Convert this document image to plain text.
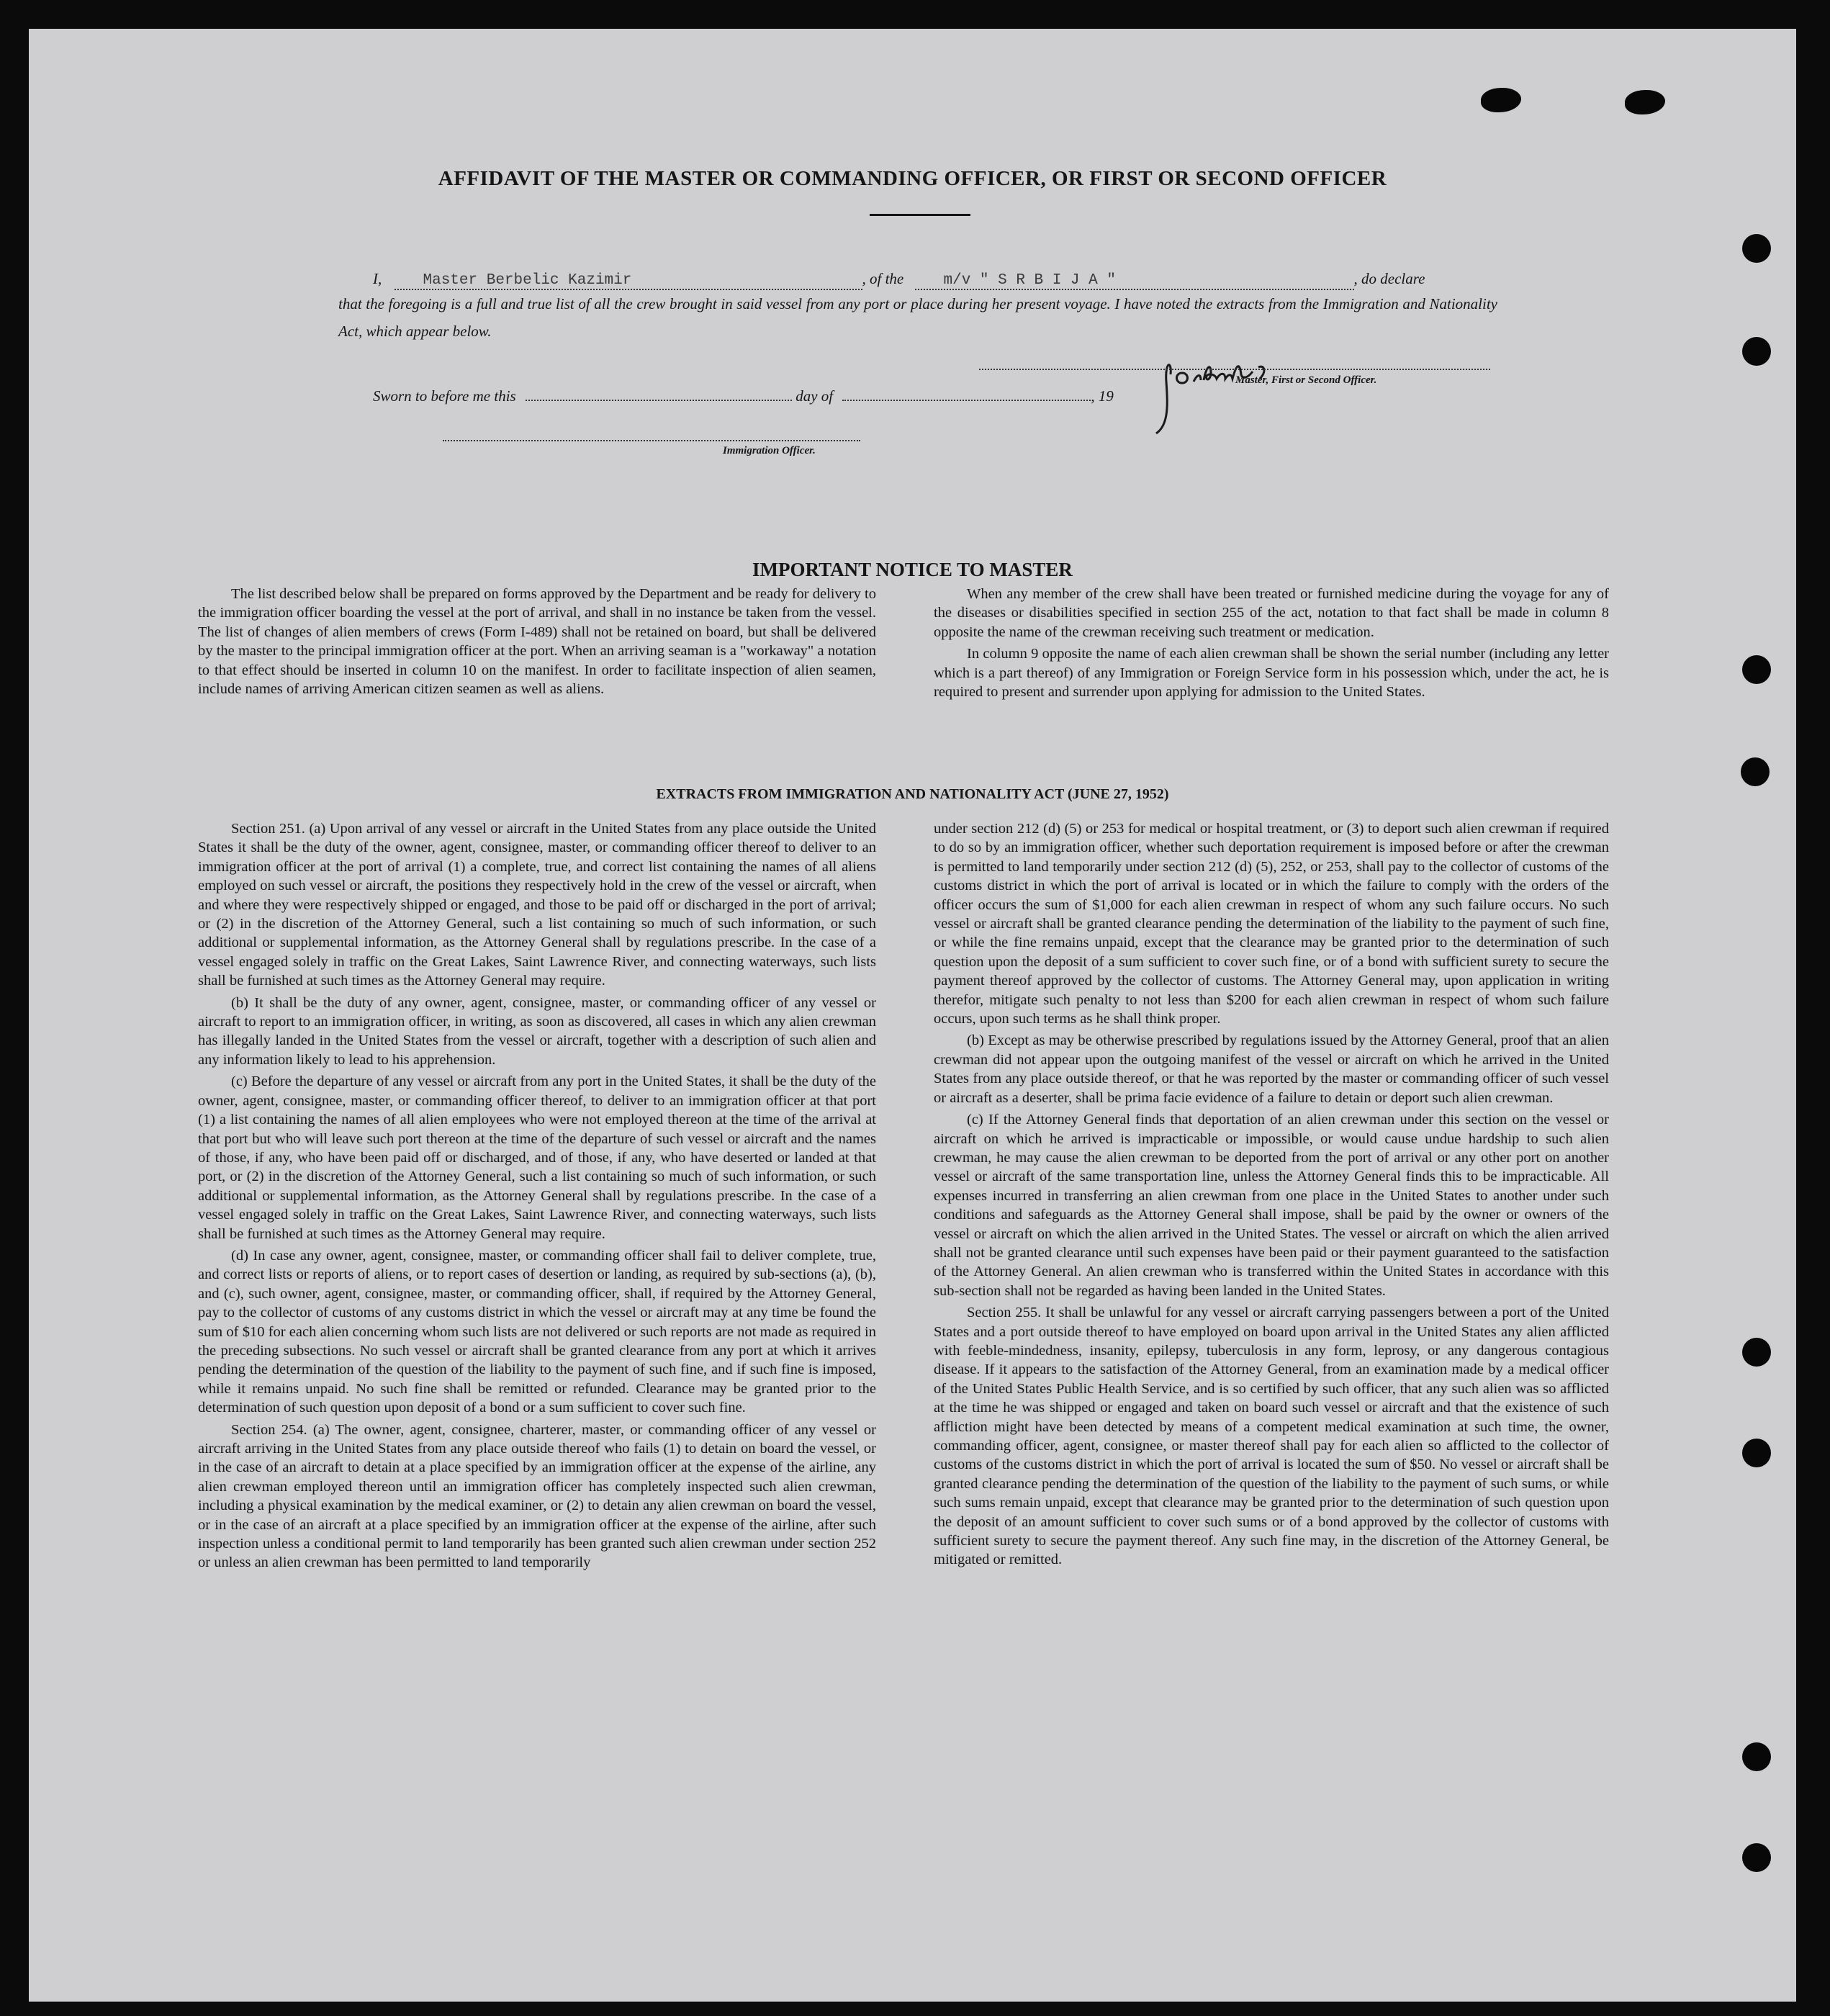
AFFIDAVIT OF THE MASTER OR COMMANDING OFFICER, OR FIRST OR SECOND OFFICER
I,	Master Berbelic Kazimir	, of the	m/v " S R B I J A "	, do declare
that the foregoing is a full and true list of all the crew brought in said vessel from any port or place during her present voyage. I have noted the extracts from the Immigration and Nationality Act, which appear below.
Master, First or Second Officer.
Sworn to before me this	day of	, 19
Immigration Officer.
IMPORTANT NOTICE TO MASTER

The list described below shall be prepared on forms approved by the Department and be ready for delivery to the immigration officer boarding the vessel at the port of arrival, and shall in no instance be taken from the vessel. The list of changes of alien members of crews (Form I-489) shall not be retained on board, but shall be delivered by the master to the principal immigration officer at the port. When an arriving seaman is a "workaway" a notation to that effect should be inserted in column 10 on the manifest. In order to facilitate inspection of alien seamen, include names of arriving American citizen seamen as well as aliens.

When any member of the crew shall have been treated or furnished medicine during the voyage for any of the diseases or disabilities specified in section 255 of the act, notation to that fact shall be made in column 8 opposite the name of the crewman receiving such treatment or medication.

In column 9 opposite the name of each alien crewman shall be shown the serial number (including any letter which is a part thereof) of any Immigration or Foreign Service form in his possession which, under the act, he is required to present and surrender upon applying for admission to the United States.

EXTRACTS FROM IMMIGRATION AND NATIONALITY ACT (JUNE 27, 1952)

Section 251. (a) Upon arrival of any vessel or aircraft in the United States from any place outside the United States it shall be the duty of the owner, agent, consignee, master, or commanding officer thereof to deliver to an immigration officer at the port of arrival (1) a complete, true, and correct list containing the names of all aliens employed on such vessel or aircraft, the positions they respectively hold in the crew of the vessel or aircraft, when and where they were respectively shipped or engaged, and those to be paid off or discharged in the port of arrival; or (2) in the discretion of the Attorney General, such a list containing so much of such information, or such additional or supplemental information, as the Attorney General shall by regulations prescribe. In the case of a vessel engaged solely in traffic on the Great Lakes, Saint Lawrence River, and connecting waterways, such lists shall be furnished at such times as the Attorney General may require.

(b) It shall be the duty of any owner, agent, consignee, master, or commanding officer of any vessel or aircraft to report to an immigration officer, in writing, as soon as discovered, all cases in which any alien crewman has illegally landed in the United States from the vessel or aircraft, together with a description of such alien and any information likely to lead to his apprehension.

(c) Before the departure of any vessel or aircraft from any port in the United States, it shall be the duty of the owner, agent, consignee, master, or commanding officer thereof, to deliver to an immigration officer at that port (1) a list containing the names of all alien employees who were not employed thereon at the time of the arrival at that port but who will leave such port thereon at the time of the departure of such vessel or aircraft and the names of those, if any, who have been paid off or discharged, and of those, if any, who have deserted or landed at that port, or (2) in the discretion of the Attorney General, such a list containing so much of such information, or such additional or supplemental information, as the Attorney General shall by regulations prescribe. In the case of a vessel engaged solely in traffic on the Great Lakes, Saint Lawrence River, and connecting waterways, such lists shall be furnished at such times as the Attorney General may require.

(d) In case any owner, agent, consignee, master, or commanding officer shall fail to deliver complete, true, and correct lists or reports of aliens, or to report cases of desertion or landing, as required by sub-sections (a), (b), and (c), such owner, agent, consignee, master, or commanding officer, shall, if required by the Attorney General, pay to the collector of customs of any customs district in which the vessel or aircraft may at any time be found the sum of $10 for each alien concerning whom such lists are not delivered or such reports are not made as required in the preceding subsections. No such vessel or aircraft shall be granted clearance from any port at which it arrives pending the determination of the question of the liability to the payment of such fine, and if such fine is imposed, while it remains unpaid. No such fine shall be remitted or refunded. Clearance may be granted prior to the determination of such question upon deposit of a bond or a sum sufficient to cover such fine.

Section 254. (a) The owner, agent, consignee, charterer, master, or commanding officer of any vessel or aircraft arriving in the United States from any place outside thereof who fails (1) to detain on board the vessel, or in the case of an aircraft to detain at a place specified by an immigration officer at the expense of the airline, any alien crewman employed thereon until an immigration officer has completely inspected such alien crewman, including a physical examination by the medical examiner, or (2) to detain any alien crewman on board the vessel, or in the case of an aircraft at a place specified by an immigration officer at the expense of the airline, after such inspection unless a conditional permit to land temporarily has been granted such alien crewman under section 252 or unless an alien crewman has been permitted to land temporarily

under section 212 (d) (5) or 253 for medical or hospital treatment, or (3) to deport such alien crewman if required to do so by an immigration officer, whether such deportation requirement is imposed before or after the crewman is permitted to land temporarily under section 212 (d) (5), 252, or 253, shall pay to the collector of customs of the customs district in which the port of arrival is located or in which the failure to comply with the orders of the officer occurs the sum of $1,000 for each alien crewman in respect of whom any such failure occurs. No such vessel or aircraft shall be granted clearance pending the determination of the liability to the payment of such fine, or while the fine remains unpaid, except that the clearance may be granted prior to the determination of such question upon the deposit of a sum sufficient to cover such fine, or of a bond with sufficient surety to secure the payment thereof approved by the collector of customs. The Attorney General may, upon application in writing therefor, mitigate such penalty to not less than $200 for each alien crewman in respect of whom such failure occurs, upon such terms as he shall think proper.

(b) Except as may be otherwise prescribed by regulations issued by the Attorney General, proof that an alien crewman did not appear upon the outgoing manifest of the vessel or aircraft on which he arrived in the United States from any place outside thereof, or that he was reported by the master or commanding officer of such vessel or aircraft as a deserter, shall be prima facie evidence of a failure to detain or deport such alien crewman.

(c) If the Attorney General finds that deportation of an alien crewman under this section on the vessel or aircraft on which he arrived is impracticable or impossible, or would cause undue hardship to such alien crewman, he may cause the alien crewman to be deported from the port of arrival or any other port on another vessel or aircraft of the same transportation line, unless the Attorney General finds this to be impracticable. All expenses incurred in transferring an alien crewman from one place in the United States to another under such conditions and safeguards as the Attorney General shall impose, shall be paid by the owner or owners of the vessel or aircraft on which the alien arrived in the United States. The vessel or aircraft on which the alien arrived shall not be granted clearance until such expenses have been paid or their payment guaranteed to the satisfaction of the Attorney General. An alien crewman who is transferred within the United States in accordance with this sub-section shall not be regarded as having been landed in the United States.

Section 255. It shall be unlawful for any vessel or aircraft carrying passengers between a port of the United States and a port outside thereof to have employed on board upon arrival in the United States any alien afflicted with feeble-mindedness, insanity, epilepsy, tuberculosis in any form, leprosy, or any dangerous contagious disease. If it appears to the satisfaction of the Attorney General, from an examination made by a medical officer of the United States Public Health Service, and is so certified by such officer, that any such alien was so afflicted at the time he was shipped or engaged and taken on board such vessel or aircraft and that the existence of such affliction might have been detected by means of a competent medical examination at such time, the owner, commanding officer, agent, consignee, or master thereof shall pay for each alien so afflicted to the collector of customs of the customs district in which the port of arrival is located the sum of $50. No vessel or aircraft shall be granted clearance pending the determination of the question of the liability to the payment of such sums, or while such sums remain unpaid, except that clearance may be granted prior to the determination of such question upon the deposit of an amount sufficient to cover such sums or of a bond approved by the collector of customs with sufficient surety to secure the payment thereof. Any such fine may, in the discretion of the Attorney General, be mitigated or remitted.
